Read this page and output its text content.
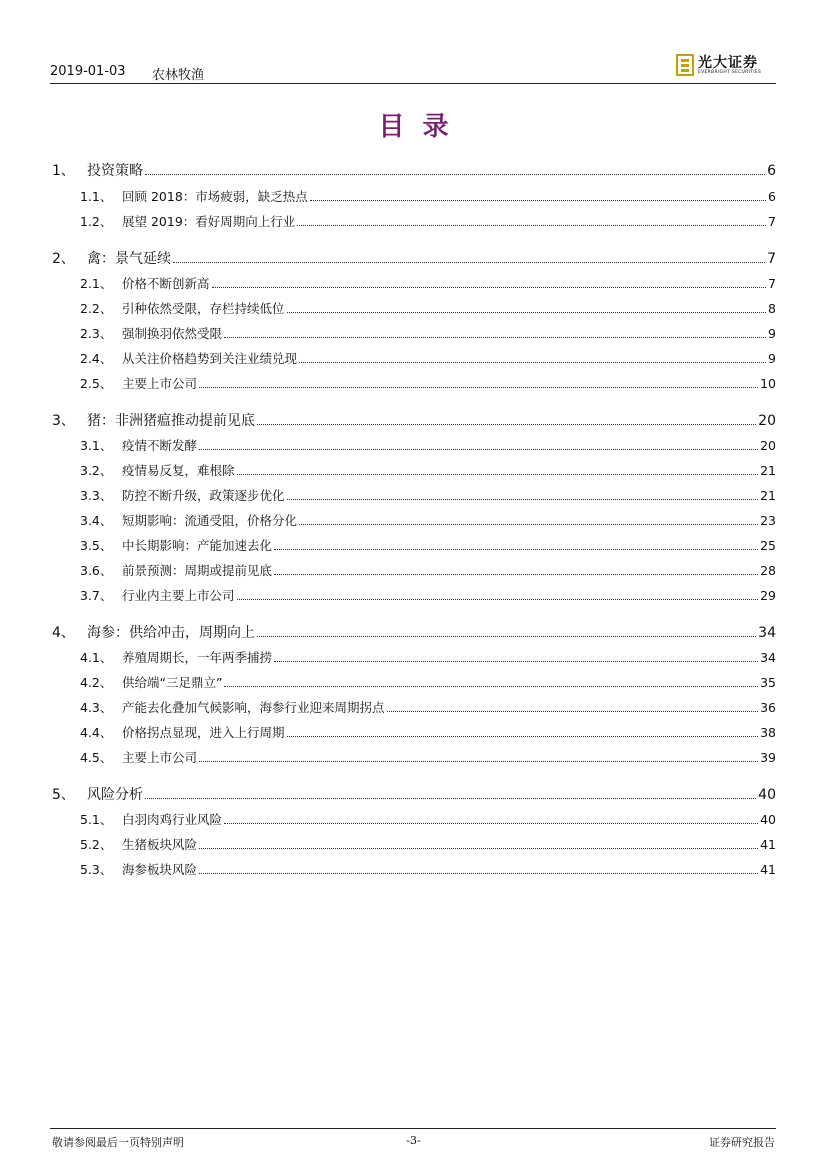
2019-01-03 农林牧渔
光大证券
EVERBRIGHT SECURITIES
目录
1、 投资策略	6
1.1、 回顾 2018：市场疲弱，缺乏热点	6
1.2、 展望 2019：看好周期向上行业	7
2、 禽：景气延续	7
2.1、 价格不断创新高	7
2.2、 引种依然受限，存栏持续低位	8
2.3、 强制换羽依然受限	9
2.4、 从关注价格趋势到关注业绩兑现	9
2.5、 主要上市公司	10
3、 猪：非洲猪瘟推动提前见底	20
3.1、 疫情不断发酵	20
3.2、 疫情易反复，难根除	21
3.3、 防控不断升级，政策逐步优化	21
3.4、 短期影响：流通受阻，价格分化	23
3.5、 中长期影响：产能加速去化	25
3.6、 前景预测：周期或提前见底	28
3.7、 行业内主要上市公司	29
4、 海参：供给冲击，周期向上	34
4.1、 养殖周期长，一年两季捕捞	34
4.2、 供给端“三足鼎立”	35
4.3、 产能去化叠加气候影响，海参行业迎来周期拐点	36
4.4、 价格拐点显现，进入上行周期	38
4.5、 主要上市公司	39
5、 风险分析	40
5.1、 白羽肉鸡行业风险	40
5.2、 生猪板块风险	41
5.3、 海参板块风险	41
敬请参阅最后一页特别声明	-3-	证券研究报告
